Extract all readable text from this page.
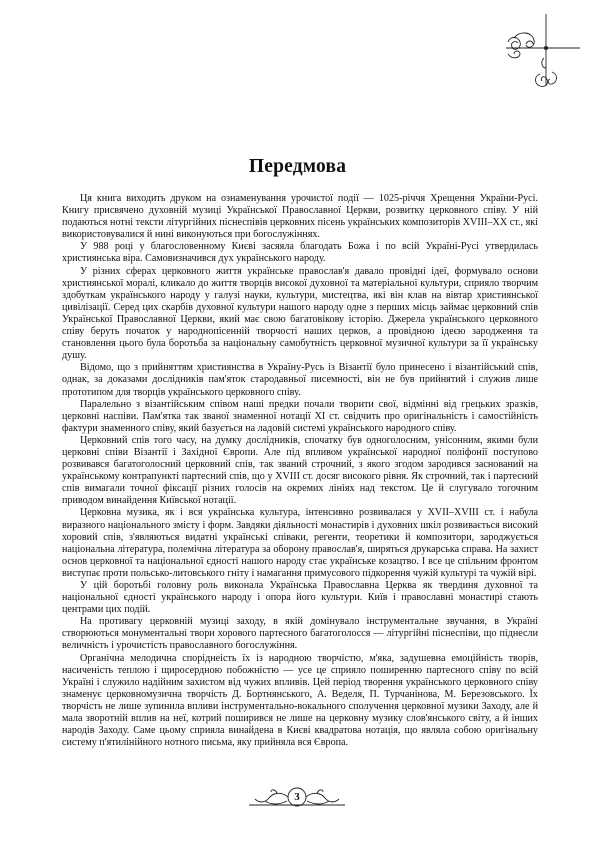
Передмова

Ця книга виходить друком на ознаменування урочистої події — 1025-річчя Хрещення України-Русі. Книгу присвячено духовній музиці Української Православної Церкви, розвитку церковного співу. У ній подаються нотні тексти літургійних піснеспівів церковних пісень українських композиторів XVIII–XX ст., які використовувалися й нині виконуються при богослужіннях.

У 988 році у благословенному Києві засяяла благодать Божа і по всій Україні-Русі утвердилась християнська віра. Самовизначився дух українського народу.

У різних сферах церковного життя українське православ'я давало провідні ідеї, формувало основи християнської моралі, кликало до життя творців високої духовної та матеріальної культури, сприяло творчим здобуткам українського народу у галузі науки, культури, мистецтва, які він клав на вівтар християнської цивілізації. Серед цих скарбів духовної культури нашого народу одне з перших місць займає церковний спів Української Православної Церкви, який має свою багатовікову історію. Джерела українського церковного співу беруть початок у народнопісенній творчості наших церков, а провідною ідеєю зародження та становлення цього була боротьба за національну самобутність церковної музичної культури за її українську душу.

Відомо, що з прийняттям християнства в Україну-Русь із Візантії було принесено і візантійський спів, однак, за доказами дослідників пам'яток стародавньої писемності, він не був прийнятий і служив лише прототипом для творців українського церковного співу.

Паралельно з візантійським співом наші предки почали творити свої, відмінні від грецьких зразків, церковні наспіви. Пам'ятка так званої знаменної нотації XI ст. свідчить про оригінальність і самостійність фактури знаменного співу, який базується на ладовій системі українського народного співу.

Церковний спів того часу, на думку дослідників, спочатку був одноголосним, унісонним, якими були церковні співи Візантії і Західної Європи. Але під впливом української народної поліфонії поступово розвивався багатоголосний церковний спів, так званий строчний, з якого згодом зародився заснований на українському контрапункті партесний спів, що у XVIII ст. досяг високого рівня. Як строчний, так і партесний спів вимагали точної фіксації різних голосів на окремих лініях над текстом. Це й слугувало тогочним приводом винайдення Київської нотації.

Церковна музика, як і вся українська культура, інтенсивно розвивалася у XVII–XVIII ст. і набула виразного національного змісту і форм. Завдяки діяльності монастирів і духовних шкіл розвивається високий хоровий спів, з'являються видатні українські співаки, регенти, теоретики й композитори, зароджується національна література, полемічна література за оборону православ'я, ширяться друкарська справа. На захист основ церковної та національної єдності нашого народу стає українське козацтво. І все це спільним фронтом виступає проти польсько-литовського гніту і намагання примусового підкорення чужій культурі та чужій вірі.

У цій боротьбі головну роль виконала Українська Православна Церква як твердиня духовної та національної єдності українського народу і опора його культури. Київ і православні монастирі стають центрами цих подій.

На противагу церковній музиці заходу, в якій домінувало інструментальне звучання, в Україні створюються монументальні твори хорового партесного багатоголосся — літургійні піснеспіви, що піднесли величність і урочистість православного богослужіння.

Органічна мелодична споріднеість їх із народною творчістю, м'яка, задушевна емоційність творів, насиченість теплою і щиросердною побожністю — усе це сприяло поширенню партесного співу по всій Україні і служило надійним захистом від чужих впливів. Цей період творення українського церковного співу знаменує церковномузична творчість Д. Бортнянського, А. Веделя, П. Турчанінова, М. Березовського. Їх творчість не лише зупинила впливи інструментально-вокального сполучення церковної музики Заходу, але й мала зворотній вплив на неї, котрий поширився не лише на церковну музику слов'янського світу, а й інших народів Заходу. Саме цьому сприяла винайдена в Києві квадратова нотація, що являла собою оригінальну систему п'ятилінійного нотного письма, яку прийняла вся Європа.

3
